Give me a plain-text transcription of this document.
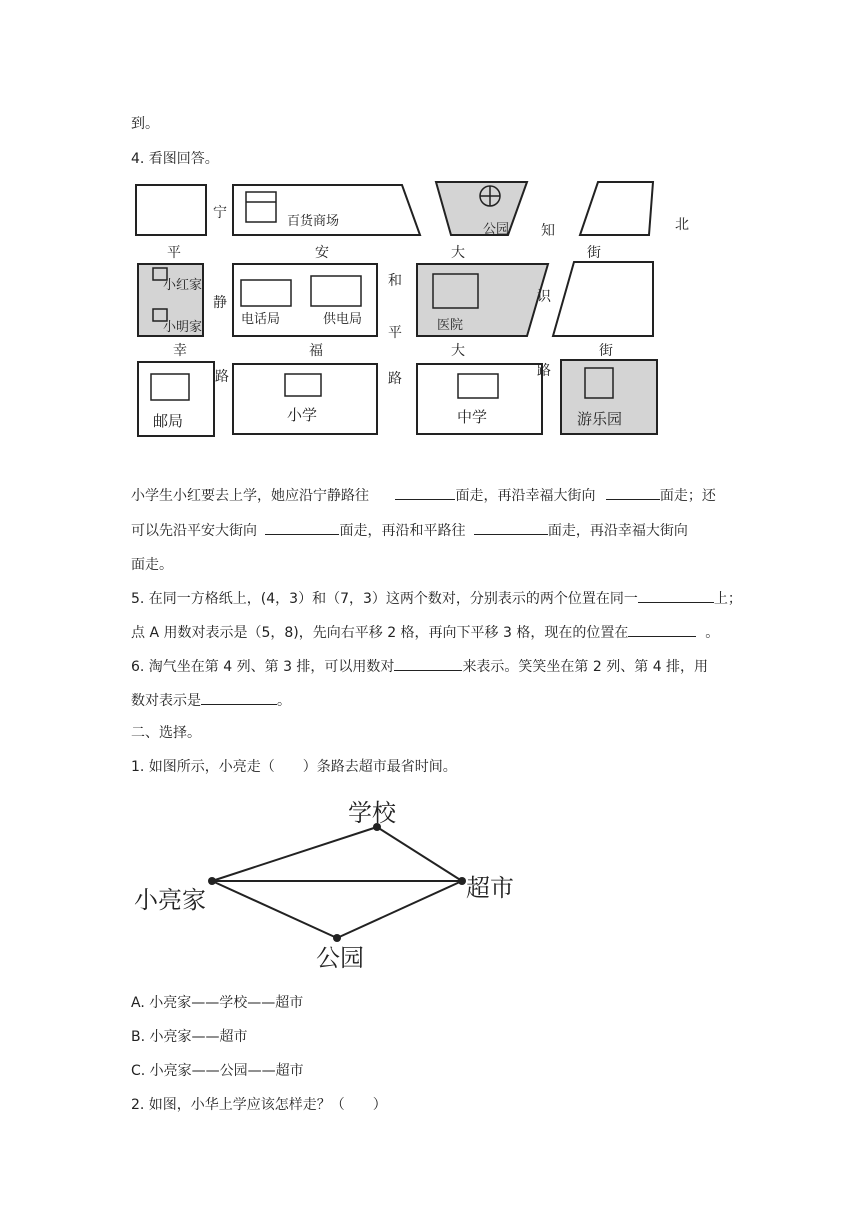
到。
4. 看图回答。
百货商场
公园
小红家
小明家
电话局	供电局	医院
邮局	小学	中学	游乐园
宁
静
路
平	安	大	街
和
平
路
知
识
路
幸	福	大	街
北
小学生小红要去上学，她应沿宁静路往	面走，再沿幸福大街向	面走；还
可以先沿平安大街向	面走，再沿和平路往	面走，再沿幸福大街向
面走。
5. 在同一方格纸上，(4，3）和（7，3）这两个数对，分别表示的两个位置在同一	上；
点 A 用数对表示是（5，8)，先向右平移 2 格，再向下平移 3 格，现在的位置在	。
6. 淘气坐在第 4 列、第 3 排，可以用数对	来表示。笑笑坐在第 2 列、第 4 排，用
数对表示是	。
二、选择。
1. 如图所示，小亮走（　　）条路去超市最省时间。
学校
小亮家	超市
公园
A. 小亮家——学校——超市
B. 小亮家——超市
C. 小亮家——公园——超市
2. 如图，小华上学应该怎样走？（　　）
